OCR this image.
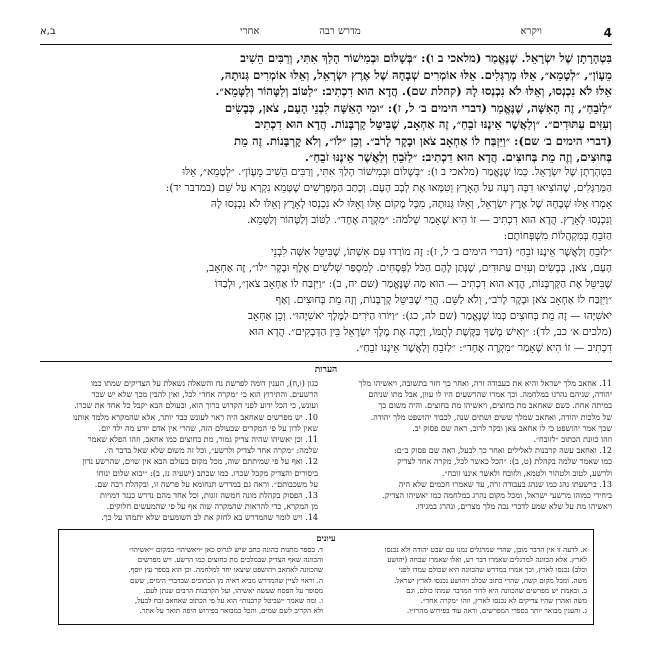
4
ויקרא
מדרש רבה
אחרי
ב,א

בִּטְהָרָתָן שֶׁל יִשְׂרָאֵל. שֶׁנֶּאֱמַר (מלאכי ב ו): ״בְּשָׁלוֹם וּבְמִישׁוֹר הָלַךְ אִתִּי, וְרַבִּים הֵשִׁיב

מֵעָוֹן״, ״לְטָמֵא״, אֵלּוּ מְרַגְּלִים. אֵלּוּ אוֹמְרִים שְׁבָחָהּ שֶׁל אֶרֶץ יִשְׂרָאֵל, וְאֵלּוּ אוֹמְרִים גְּנוּתָהּ,

אֵלּוּ לֹא נִכְנְסוּ, וְאֵלּוּ לֹא נִכְנְסוּ לָהּ (קהלת שם). הֲדָא הוּא דִכְתִיב: ״לַטּוֹב וְלַטָּהוֹר וְלַטָּמֵא״.

״לַזֹּבֵחַ״, זֶה הָאִשָּׁה, שֶׁנֶּאֱמַר (דברי הימים ב׳ ל, ז): ״וּמִי הָאִשָּׁה לִבְנֵי הָעָם, צֹאן, כְּבָשִׂים

וְעִזִּים עַתּוּדִים״. ״וְלַאֲשֶׁר אֵינֶנּוּ זֹבֵחַ״, זֶה אַחְאָב, שֶׁבִּיטֵּל קָרְבָּנוֹת. הֲדָא הוּא דִכְתִיב

(דברי הימים ב׳ שם): ״וַיִּזְבַּח לוֹ אַחְאָב צֹאן וּבָקָר לָרֹב״. וְכֵן ״לֹו״, וְלֹא קָרְבָּנוֹת. זֶה מֵת

בְּחוּצִים, וְזֶה מֵת בְּחוּצִים. הֲדָא הוּא דִכְתִיב: ״לַזֹּבֵחַ וְלַאֲשֶׁר אֵינֶנּוּ זֹבֵחַ״.

בִּטְהָרָתָן שֶׁל יִשְׂרָאֵל. כְּמוֹ שֶׁנֶּאֱמַר (מלאכי ב ו): ״בְּשָׁלוֹם וּבְמִישׁוֹר הָלַךְ אִתִּי, וְרַבִּים הֵשִׁיב מֵעָוֹן״. ״לְטָמֵא״, אֵלּוּ

הַמְּרַגְּלִים, שֶׁהוֹצִיאוּ דִבָּה רָעָה עַל הָאָרֶץ וְטִמְּאוּ אֶת לְבָב הָעָם. וְכָתַב הַמְּפָרְשִׁים שֶׁטָּמֵא נִקְרָא עַל שֵׁם (במדבר יד):

אָמְרוּ אֵלּוּ שְׁבָחָהּ שֶׁל אֶרֶץ יִשְׂרָאֵל, וְאֵלּוּ גְּנוּתָהּ, מִכָּל מָקוֹם אֵלּוּ וְאֵלּוּ לֹא נִכְנְסוּ לָאָרֶץ וְאֵלּוּ לֹא נִכְנְסוּ לָהּ

וְנִכְנְסוּ לָאָרֶץ. הֲדָא הוּא דִכְתִיב — זוֹ הִיא שֶׁאָמַר שְׁלֹמֹה: ״מִקְרֶה אֶחָד״. לַטּוֹב וְלַטָּהוֹר וְלַטָּמֵא.

הַזֹּבֵחַ בְּמִקְהֲלוֹת מִשְׁפְּחוֹתָם:

״לַזֹּבֵחַ וְלַאֲשֶׁר אֵינֶנּוּ זֹבֵחַ״ (דברי הימים ב׳ ל, ז): זֶה מוֹרַדוּ עִם אִשְׁתּוֹ, שֶׁבִּיטֵּל אִשָּׁה לִבְנֵי

הָעָם, צֹאן, כְּבָשִׂים וְעִזִּים עַתּוּדִים, שֶׁנָּתַן לָהֶם הַכֹּל לַפְּסָחִים. לְמִסְפַּר שְׁלֹשִׁים אֶלֶף וּבָקָר ״לֹו״, זֶה אַחְאָב,

שֶׁבִּיטֵּל אֶת הַקָּרְבָּנוֹת, הֲדָא הוּא דִכְתִיב — הוּא מַה שֶּׁנֶּאֱמַר (שם יח, ב): ״וַיִּזְבַּח לוֹ אַחְאָב צֹאן״, וּלְבַדּוֹ

״וַיִּזְבַּח לוֹ אַחְאָב צֹאן וּבָקָר לָרֹב״, וְלֹא לַשֵּׁם. הֲרֵי שֶׁבִּיטֵּל קָרְבָּנוֹת, וְזֶה מֵת בְּחוּצִים. וְאַף

יֹאשִׁיָּהוּ — זֶה מֵת בְּחוּצִים כְּמוֹ שֶׁנֶּאֱמַר (שם לה, כג): ״וַיּוֹרוּ הַיֹּרִים לַמֶּלֶךְ יֹאשִׁיָּהוּ״. וְכֵן אַחְאָב

(מלכים א׳ כב, לד): ״וְאִישׁ מָשַׁךְ בַּקֶּשֶׁת לְתֻמּוֹ, וַיַּכֶּה אֶת מֶלֶךְ יִשְׂרָאֵל בֵּין הַדְּבָקִים״. הֲדָא הוּא

דִכְתִיב — זוֹ הִיא שֶׁאָמַר ״מִקְרֶה אֶחָד״: ״לַזֹּבֵחַ וְלַאֲשֶׁר אֵינֶנּוּ זֹבֵחַ״.

הערות

11. אחאב מלך ישראל והיא את בעבודה זרה, ואחר כך חזר בתשובה, ויאשיהו מלך

יהודה, שניהם נהרגו במלחמה. וכך אמרו שהרשעים היו לו עוון, אבל מתו שניהם

במיתה אחת. כשם שאחאב מת בחוצים, ויאשיהו מת בחוצים. והיה משום כך

של מלכות יהודה, ואחאב שמלך ששים ושתים שנה, לכבוד יהושפט מלך יהודה.

שכך אמר יהושפט כי לו אחאב צאן ובקר לרוב, ראה שם פסוק יב.

וזהו כוונת הכתוב ״לזובח״.

12. ואחאב עשה קרבנות לאלילים ואחר כך לבעל, ראה שם פסוק ב״ם:

כמו שאמר שלמה בקהלת (ט, ב): ״הכל כאשר לכל, מקרה אחד לצדיק

ולרשע, לטוב ולטהור ולטמא, ולזובח ולאשר איננו זובח״.

13. ברשעתו נהג כמו שנהג בעבודה זרה, עד שאמרו חכמים שלא היה

ביחידי כמוהו מרשעי ישראל, ומכל מקום נהרג במלחמה כמו יאשיהו הצדיק.

ויאשיהו מת על שלא שמע לדברי נכה מלך מצרים, ונהרג במגידו.

כגון (ו,ח), הענין דומה לפרשת נח והשאלה נשאלת על הצדיקים שמתו כמו

הרשעים. והתירוץ הוא כי ״מקרה אחד״ לכל, ואין להבין מכך שלא יש שכר

ועונש, כי הכל ידוע לפני הקדוש ברוך הוא, ובעולם הבא יקבל כל אחד את שכרו.

10. יש מפרשים שאחאב היה ראוי לעונש כבד יותר, אלא שהמקרא מלמד אותנו

שאין לדון על פי המקרים שבעולם הזה, שהרי אין אדם יודע מה ילד יום.

11. וכן יאשיהו שהיה צדיק גמור, מת בחוצים כמו אחאב, וזהו הפלא שאמר

שלמה: ״מקרה אחד לצדיק ולרשע״, וכל זה משום שלא שאל בדבר ה׳.

12. ואף על פי שמיתתם שוה, מכל מקום בעולם הבא אין שוים, שהרשע נדון

ביסורים והצדיק מקבל שכרו. כמו שכתב (ישעיה נז, ב): ״יבוא שלום ינוחו

על משכבותם״. וראה גם במדרש תנחומא על פרשה זו, ובקהלת רבה שם.

13. הפסוק בקהלת מונה חמשה זוגות, וכל אחד מהם נדרש כנגד דמויות

מן המקרא, כדי להראות שהמקרה שוה אף על פי שהמעשים חלוקים.

14. ויש לומר שהמדרש בא לחזק את לב השומעים שלא יתמהו על כך.

עיונים

א. לדעה זו אין הדבר מובן, שהרי שמרגלים נמנו עם שבט יהודה ולא נכנסו

לארץ. אלא הכוונה למרגלים שאמרו דבר רע, ואלו שאמרו שבחה (יהושע

וכלב) נכנסו לארץ, וכך אמרו במדרש שהכוונה היא שכולם עמדו לפני

משה. ומכל מקום קשה, שהרי כתוב שכלב ויהושע נכנסו לארץ ישראל.

ב. ובאמת יש מפרשים שהכוונה היא לדור המדבר שמתו כולם, וגם

משה ואהרן שהיו צדיקים לא נכנסו לארץ, וזהו ״מקרה אחד״.

ג. והענין מבואר יותר בספרי המפרשים, וראה עוד בפירוש מהרז״ו.

ד. בספר מתנות כהונה כתב שיש לגרוס כאן ״ויאשיהו״ במקום ״יאשיהו״

והכוונה שאף הצדיק שבמלכים מת בחוצים כמו הרשע. ויש מפרשים

שהכוונה לאחאב ויהושפט שיצאו יחד למלחמה. וכן הוא בספר עץ יוסף.

ה. וראוי לציין שהמדרש מביא ראיה מן הכתובים שבדברי הימים, ששם

מסופר על הפסח שעשה יאשיהו, ועל הקרבנות הרבים שנתן לעם.

ו. ומה שאמר ״שביטל קרבנות״ הוא על פי הכתוב שאחאב זבח לבעל,

ולא הקריב לשם שמים, והכל כמבואר בפירוש היפה תואר על אתר.
